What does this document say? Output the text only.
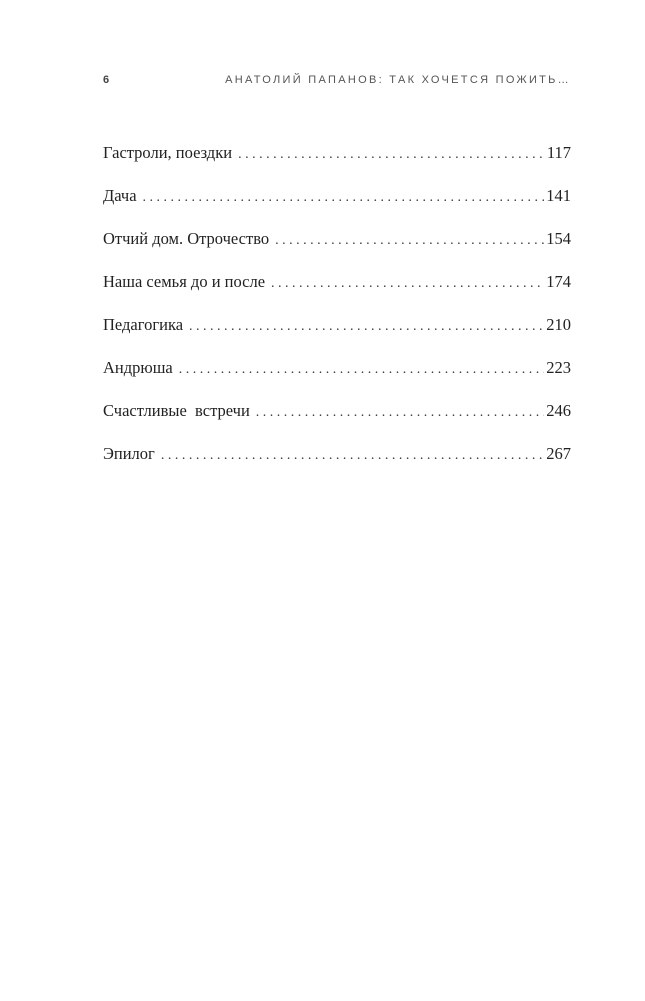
6	АНАТОЛИЙ ПАПАНОВ: ТАК ХОЧЕТСЯ ПОЖИТЬ…
Гастроли, поездки . . .	117
Дача . . .	141
Отчий дом. Отрочество . . .	154
Наша семья до и после . . .	174
Педагогика . . .	210
Андрюша . . .	223
Счастливые  встречи . . .	246
Эпилог . . .	267
